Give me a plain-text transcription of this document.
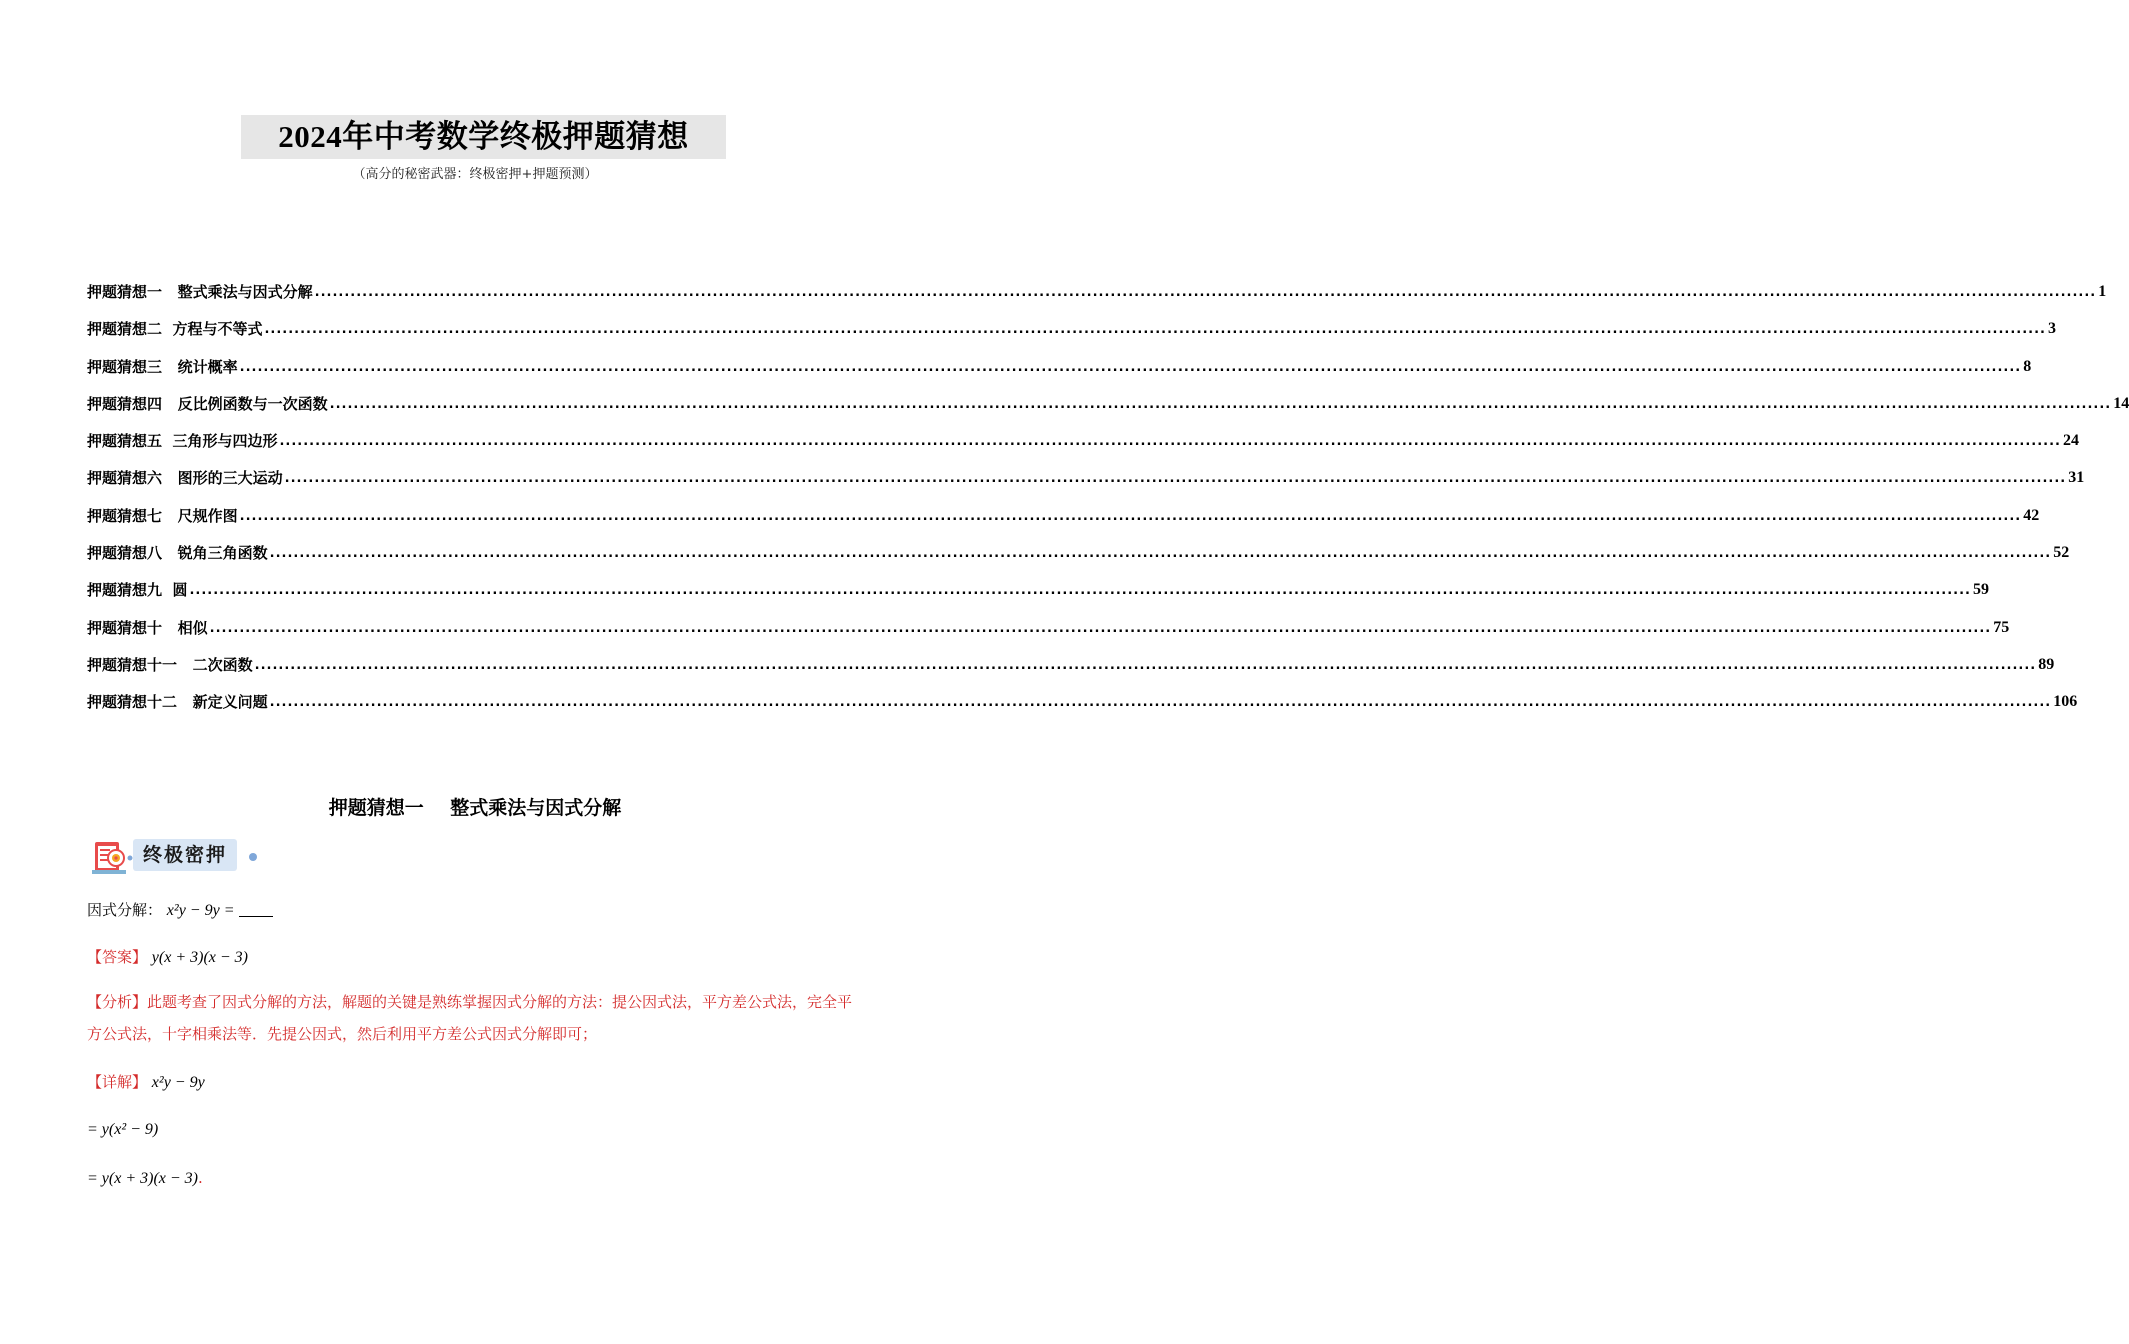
2024年中考数学终极押题猜想
（高分的秘密武器：终极密押+押题预测）
押题猜想一   整式乘法与因式分解 ............................................................................................................................................................................................................................................................................................................ 1
押题猜想二  方程与不等式 ............................................................................................................................................................................................................................................................................................................ 3
押题猜想三   统计概率 ............................................................................................................................................................................................................................................................................................................ 8
押题猜想四   反比例函数与一次函数 ............................................................................................................................................................................................................................................................................................................ 14
押题猜想五  三角形与四边形 ............................................................................................................................................................................................................................................................................................................ 24
押题猜想六   图形的三大运动 ............................................................................................................................................................................................................................................................................................................ 31
押题猜想七   尺规作图 ............................................................................................................................................................................................................................................................................................................ 42
押题猜想八   锐角三角函数 ............................................................................................................................................................................................................................................................................................................ 52
押题猜想九  圆 ............................................................................................................................................................................................................................................................................................................ 59
押题猜想十   相似 ............................................................................................................................................................................................................................................................................................................ 75
押题猜想十一   二次函数 ............................................................................................................................................................................................................................................................................................................ 89
押题猜想十二   新定义问题 ............................................................................................................................................................................................................................................................................................................ 106
押题猜想一    整式乘法与因式分解
终极密押
因式分解： x²y − 9y =
【答案】 y(x + 3)(x − 3)
【分析】此题考查了因式分解的方法，解题的关键是熟练掌握因式分解的方法：提公因式法，平方差公式法，完全平方公式法，十字相乘法等．先提公因式，然后利用平方差公式因式分解即可；
【详解】 x²y − 9y
= y(x² − 9)
= y(x + 3)(x − 3).
